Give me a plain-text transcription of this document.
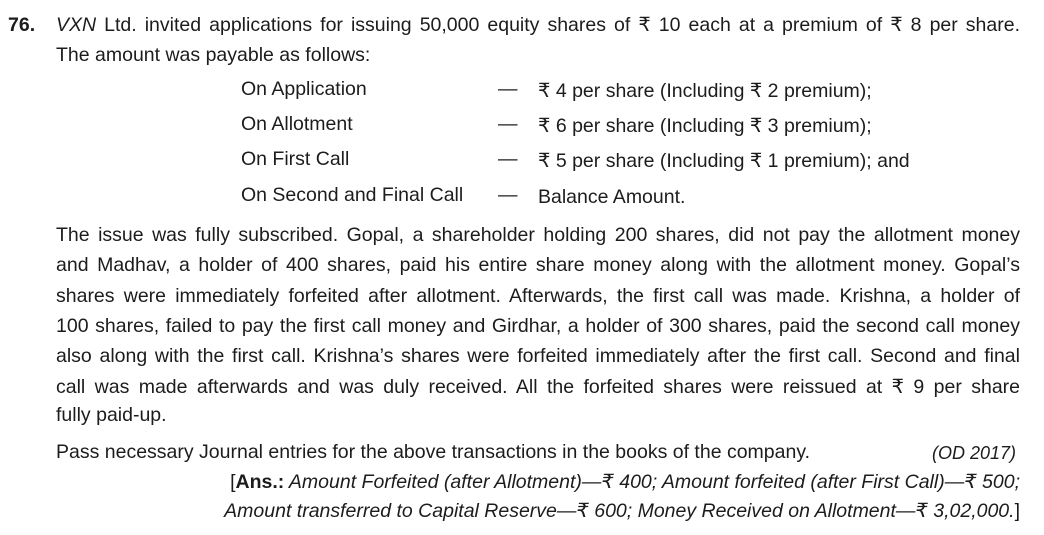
76. VXN Ltd. invited applications for issuing 50,000 equity shares of ₹ 10 each at a premium of ₹ 8 per share.
The amount was payable as follows:
On Application	— ₹ 4 per share (Including ₹ 2 premium);
On Allotment	— ₹ 6 per share (Including ₹ 3 premium);
On First Call	— ₹ 5 per share (Including ₹ 1 premium); and
On Second and Final Call — Balance Amount.
The issue was fully subscribed. Gopal, a shareholder holding 200 shares, did not pay the allotment money
and Madhav, a holder of 400 shares, paid his entire share money along with the allotment money. Gopal’s
shares were immediately forfeited after allotment. Afterwards, the first call was made. Krishna, a holder of
100 shares, failed to pay the first call money and Girdhar, a holder of 300 shares, paid the second call money
also along with the first call. Krishna’s shares were forfeited immediately after the first call. Second and final
call was made afterwards and was duly received. All the forfeited shares were reissued at ₹ 9 per share
fully paid-up.
Pass necessary Journal entries for the above transactions in the books of the company.	(OD 2017)
[Ans.: Amount Forfeited (after Allotment)—₹ 400; Amount forfeited (after First Call)—₹ 500;
Amount transferred to Capital Reserve—₹ 600; Money Received on Allotment—₹ 3,02,000.]
